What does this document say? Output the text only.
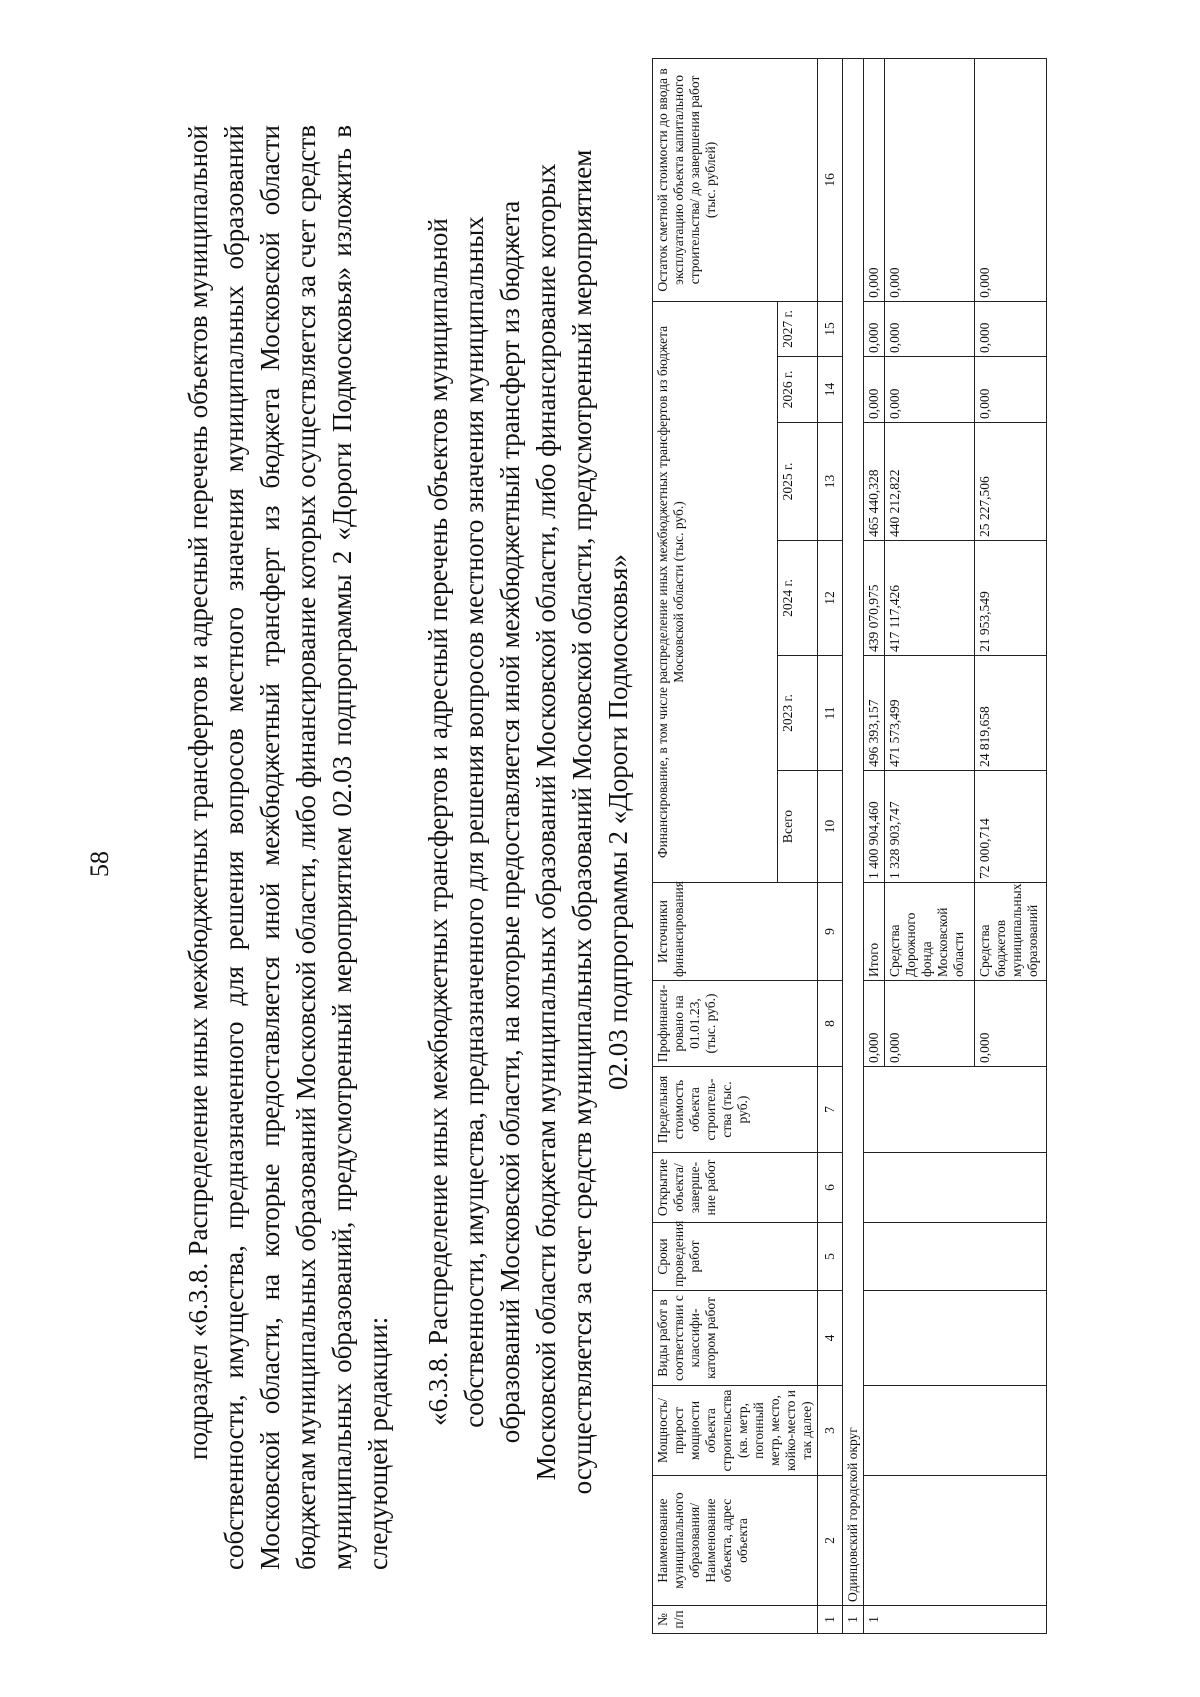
58	подраздел «6.3.8. Распределение иных межбюджетных трансфертов и адресный перечень объектов муниципальной собственности, имущества, предназначенного для решения вопросов местного значения муниципальных образований Московской области, на которые предоставляется иной межбюджетный трансферт из бюджета Московской области бюджетам муниципальных образований Московской области, либо финансирование которых осуществляется за счет средств муниципальных образований, предусмотренный мероприятием 02.03 подпрограммы 2 «Дороги Подмосковья» изложить в следующей редакции:

«6.3.8. Распределение иных межбюджетных трансфертов и адресный перечень объектов муниципальной собственности, имущества, предназначенного для решения вопросов местного значения муниципальных образований Московской области, на которые предоставляется иной межбюджетный трансферт из бюджета Московской области бюджетам муниципальных образований Московской области, либо финансирование которых осуществляется за счет средств муниципальных образований Московской области, предусмотренный мероприятием 02.03 подпрограммы 2 «Дороги Подмосковья»

№ п/п	Наименование муниципального образования/ Наименование объекта, адрес объекта	Мощность/ прирост мощности объекта строительства (кв. метр, погонный метр, место, койко-место и так далее)	Виды работ в соответствии с классифи-катором работ	Сроки проведения работ	Открытие объекта/ заверше-ние работ	Предельная стоимость объекта строитель-ства (тыс. руб.)	Профинанси-ровано на 01.01.23, (тыс. руб.)	Источники финансирования	Финансирование, в том числе распределение иных межбюджетных трансфертов из бюджета Московской области (тыс. руб.)						Остаток сметной стоимости до ввода в эксплуатацию объекта капитального строительства/ до завершения работ (тыс. рублей)
									Всего	2023 г.	2024 г.	2025 г.	2026 г.	2027 г.	
1	2	3	4	5	6	7	8	9	10	11	12	13	14	15	16
1	Одинцовский городской округ														
1							0,000	Итого	1 400 904,460	496 393,157	439 070,975	465 440,328	0,000	0,000	0,000
							0,000	Средства Дорожного фонда Московской области	1 328 903,747	471 573,499	417 117,426	440 212,822	0,000	0,000	0,000
							0,000	Средства бюджетов муниципальных образований	72 000,714	24 819,658	21 953,549	25 227,506	0,000	0,000	0,000
